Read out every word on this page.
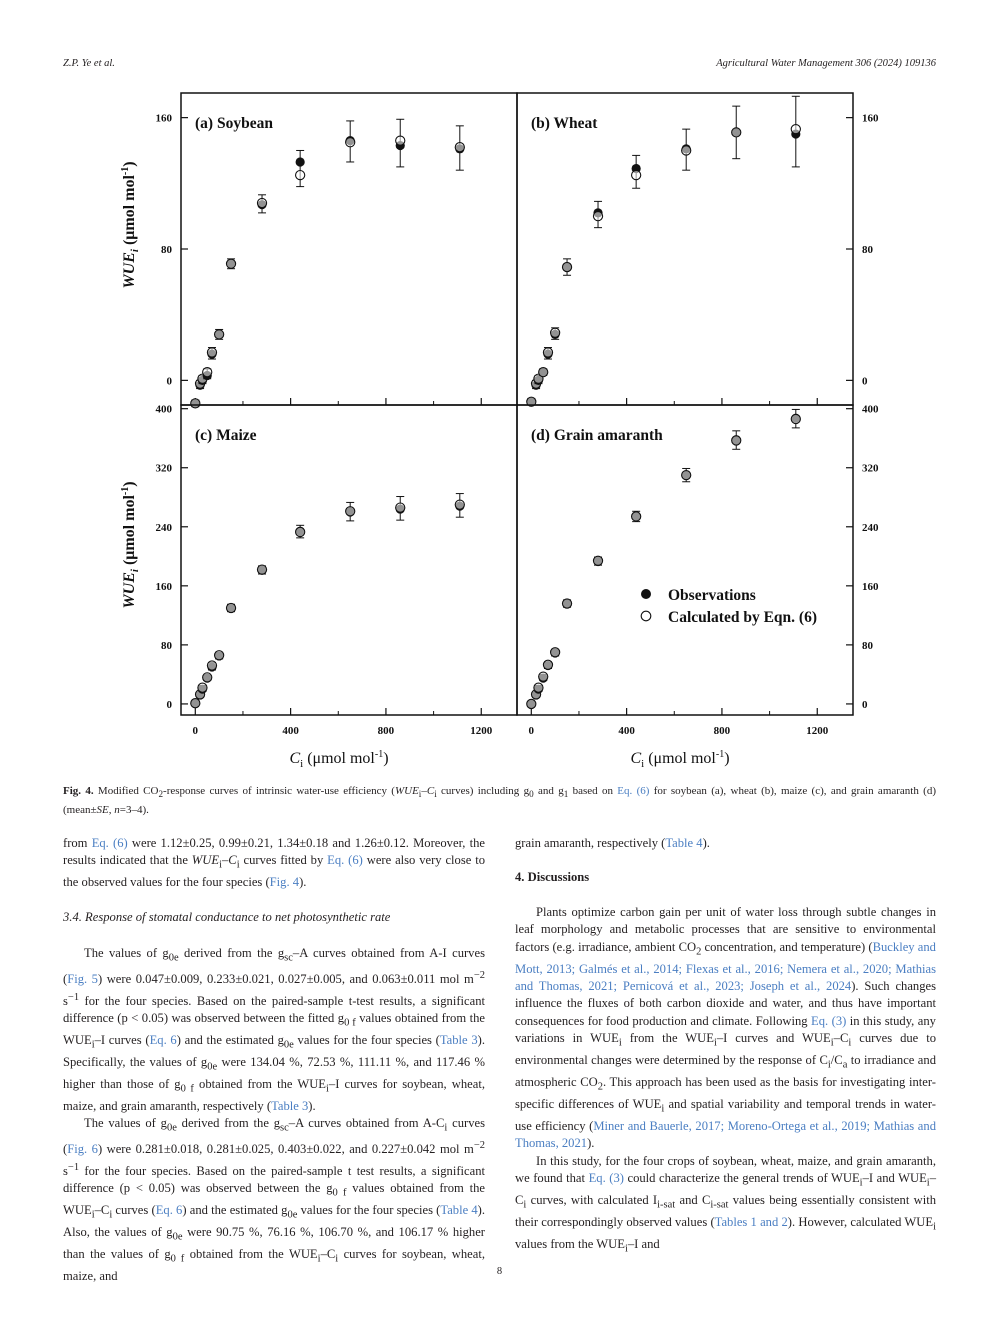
Z.P. Ye et al.	Agricultural Water Management 306 (2024) 109136
(a) Soybean
0
80
160	(b) Wheat
0
80
160
(c) Maize
0
80
160
240
320
400
0	400	800	1200
(d) Grain amaranth
0
80
160
240
320
400
0	400	800	1200
Observations
Calculated by Eqn. (6)
$WUE_i$ (μmol mol$^{-1}$)
$WUE_i$ (μmol mol$^{-1}$)
$C_i$ (μmol mol$^{-1}$)	$C_i$ (μmol mol$^{-1}$)
Fig. 4. Modified $CO_2$-response curves of intrinsic water-use efficiency ($WUE_i-C_i$ curves) including $g_0$ and $g_1$ based on Eq. (6) for soybean (a), wheat (b), maize (c), and grain amaranth (d) (mean±SE, n=3–4).

from Eq. (6) were 1.12±0.25, 0.99±0.21, 1.34±0.18 and 1.26±0.12. Moreover, the results indicated that the $WUE_i-C_i$ curves fitted by Eq. (6) were also very close to the observed values for the four species (Fig. 4).

3.4. Response of stomatal conductance to net photosynthetic rate

The values of $g_{0e}$ derived from the $g_{sc}-A$ curves obtained from A-I curves (Fig. 5) were 0.047±0.009, 0.233±0.021, 0.027±0.005, and 0.063±0.011 mol $m^{-2}$ $s^{-1}$ for the four species. Based on the paired-sample t-test results, a significant difference (p < 0.05) was observed between the fitted $g_{0 f}$ values obtained from the $WUE_i-I$ curves (Eq. 6) and the estimated $g_{0e}$ values for the four species (Table 3). Specifically, the values of $g_{0e}$ were 134.04 %, 72.53 %, 111.11 %, and 117.46 % higher than those of $g_{0 f}$ obtained from the $WUE_i-I$ curves for soybean, wheat, maize, and grain amaranth, respectively (Table 3).

The values of $g_{0e}$ derived from the $g_{sc}-A$ curves obtained from $A-C_i$ curves (Fig. 6) were 0.281±0.018, 0.281±0.025, 0.403±0.022, and 0.227±0.042 mol $m^{-2}$ $s^{-1}$ for the four species. Based on the paired-sample t test results, a significant difference (p < 0.05) was observed between the $g_{0 f}$ values obtained from the $WUE_i-C_i$ curves (Eq. 6) and the estimated $g_{0e}$ values for the four species (Table 4). Also, the values of $g_{0e}$ were 90.75 %, 76.16 %, 106.70 %, and 106.17 % higher than the values of $g_{0 f}$ obtained from the $WUE_i-C_i$ curves for soybean, wheat, maize, and

grain amaranth, respectively (Table 4).

4. Discussions

Plants optimize carbon gain per unit of water loss through subtle changes in leaf morphology and metabolic processes that are sensitive to environmental factors (e.g. irradiance, ambient $CO_2$ concentration, and temperature) (Buckley and Mott, 2013; Galmés et al., 2014; Flexas et al., 2016; Nemera et al., 2020; Mathias and Thomas, 2021; Pernicová et al., 2023; Joseph et al., 2024). Such changes influence the fluxes of both carbon dioxide and water, and thus have important consequences for food production and climate. Following Eq. (3) in this study, any variations in $WUE_i$ from the $WUE_i-I$ curves and $WUE_i-C_i$ curves due to environmental changes were determined by the response of $C_i/C_a$ to irradiance and atmospheric $CO_2$. This approach has been used as the basis for investigating inter-specific differences of $WUE_i$ and spatial variability and temporal trends in water-use efficiency (Miner and Bauerle, 2017; Moreno-Ortega et al., 2019; Mathias and Thomas, 2021).

In this study, for the four crops of soybean, wheat, maize, and grain amaranth, we found that Eq. (3) could characterize the general trends of $WUE_i-I$ and $WUE_i-C_i$ curves, with calculated $I_{i-sat}$ and $C_{i-sat}$ values being essentially consistent with their correspondingly observed values (Tables 1 and 2). However, calculated $WUE_i$ values from the $WUE_i-I$ and

8
